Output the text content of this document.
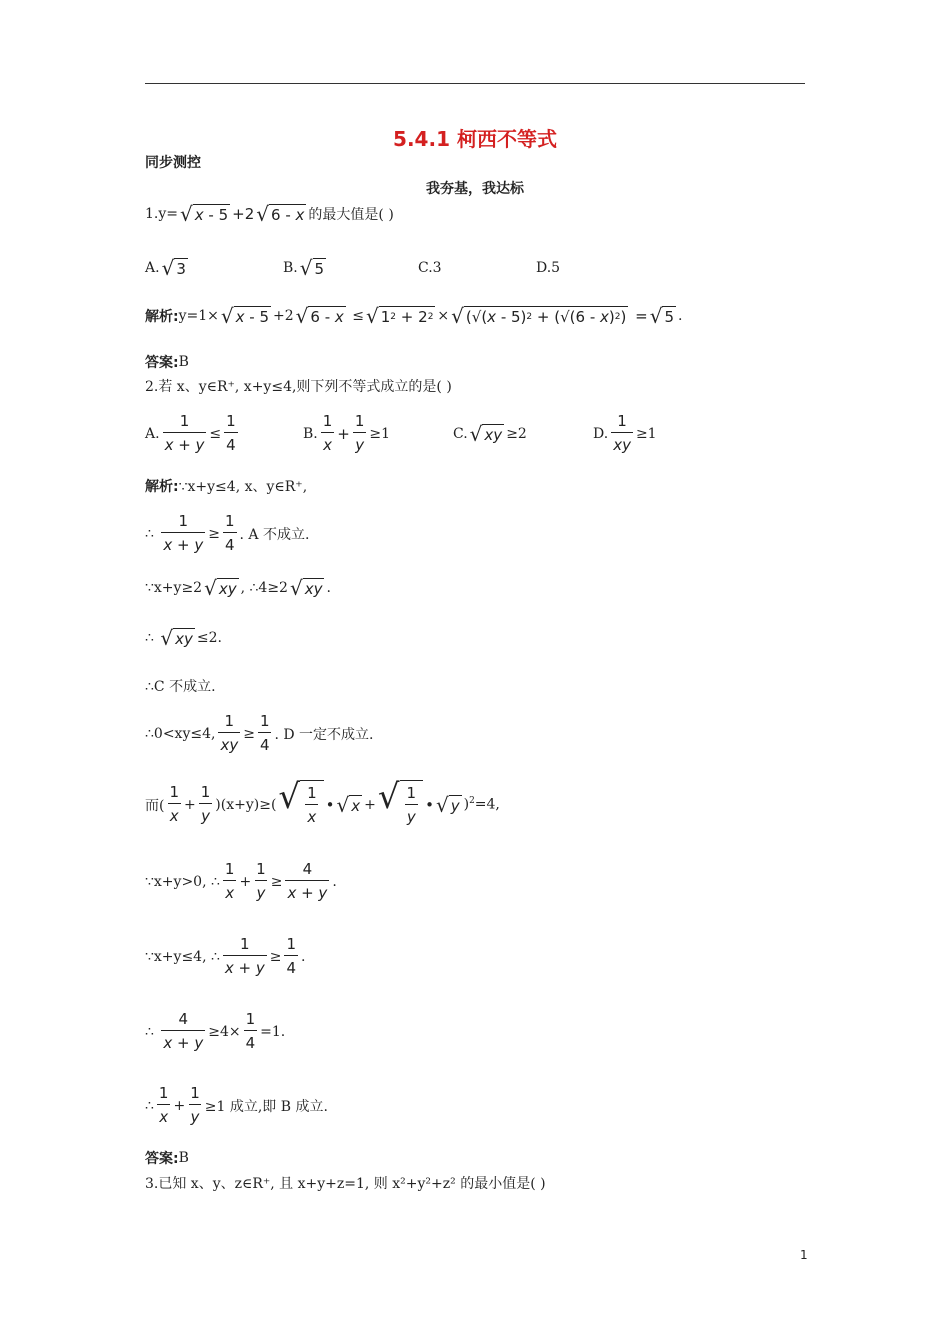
5.4.1 柯西不等式
同步测控
我夯基，我达标
1. y= √ x - 5 +2 √ 6 - x 的最大值是( )
A. √ 3	B. √ 5	C.3	D.5
解析: y=1× √ x - 5 +2 √ 6 - x ≤ √ 1 2 + 2 2 × √ (√( x - 5) 2 + (√(6 - x ) 2 ) = √ 5 .
答案: B
2.若 x、y∈R⁺, x+y≤4,则下列不等式成立的是( )
A. $\frac{1}{x + y} \le \frac{1}{4}$	B. $\frac{1}{x} + \frac{1}{y} \ge 1$	C. √ xy ≥2	D. $\frac{1}{xy} \ge 1$
解析: ∵x+y≤4, x、y∈R⁺,
∴ $\frac{1}{x + y} \ge \frac{1}{4}$ . A 不成立.
∵x+y≥2 √ xy , ∴4≥2 √ xy .
∴ √ xy ≤2.
∴C 不成立.
∴0<xy≤4, $\frac{1}{xy} \ge \frac{1}{4}$ . D 一定不成立.
而( $\frac{1}{x} + \frac{1}{y} )(x+y)\ge$( √ $\frac{1}{x}$ • √ x + √ $\frac{1}{y}$ • √ y )$^2$=4,
∵x+y>0, ∴ $\frac{1}{x} + \frac{1}{y} \ge \frac{4}{x + y}$ .
∵x+y≤4, ∴ $\frac{1}{x + y} \ge \frac{1}{4}$ .
∴ $\frac{4}{x + y} \ge 4\times \frac{1}{4} =1$.
∴ $\frac{1}{x} + \frac{1}{y} \ge 1$ 成立,即 B 成立.
答案: B
3.已知 x、y、z∈R⁺, 且 x+y+z=1, 则 x²+y²+z² 的最小值是( )
1
